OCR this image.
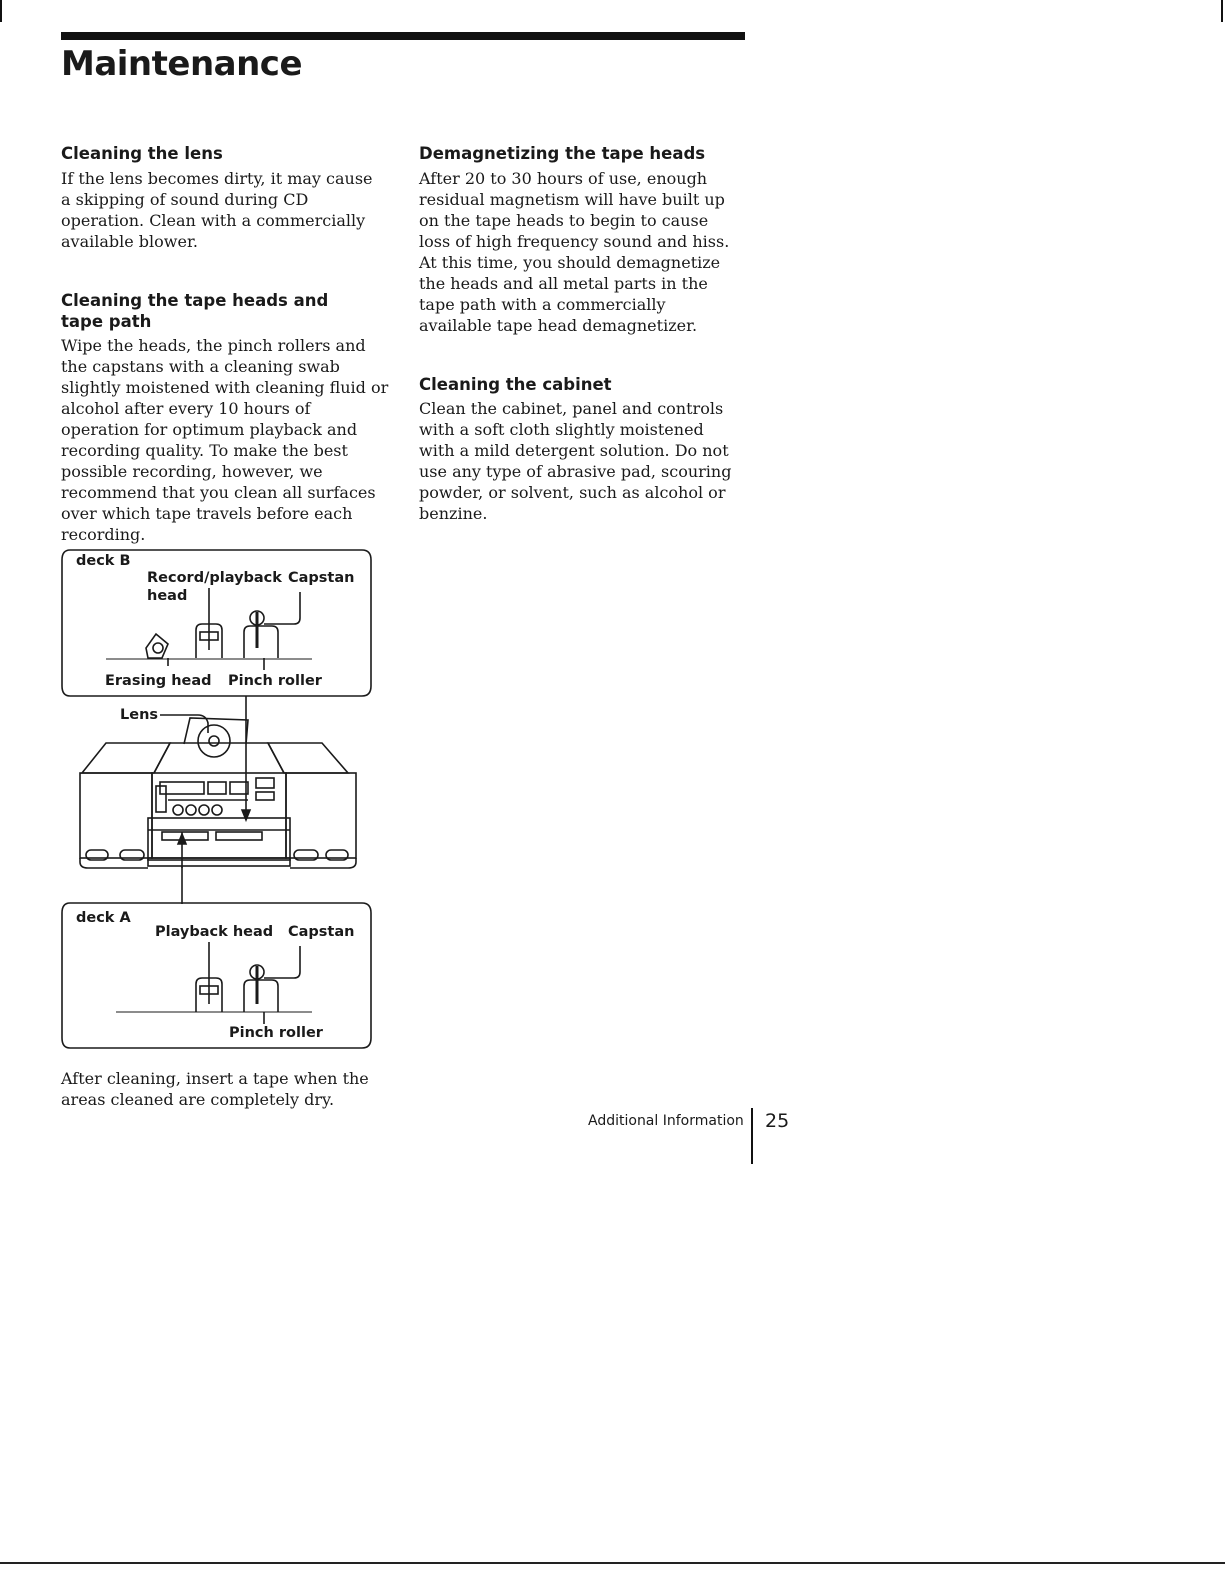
Maintenance
Cleaning the lens

If the lens becomes dirty, it may cause a skipping of sound during CD operation. Clean with a commercially available blower.

Cleaning the tape heads and tape path

Wipe the heads, the pinch rollers and the capstans with a cleaning swab slightly moistened with cleaning fluid or alcohol after every 10 hours of operation for optimum playback and recording quality. To make the best possible recording, however, we recommend that you clean all surfaces over which tape travels before each recording.

Demagnetizing the tape heads

After 20 to 30 hours of use, enough residual magnetism will have built up on the tape heads to begin to cause loss of high frequency sound and hiss. At this time, you should demagnetize the heads and all metal parts in the tape path with a commercially available tape head demagnetizer.

Cleaning the cabinet

Clean the cabinet, panel and controls with a soft cloth slightly moistened with a mild detergent solution. Do not use any type of abrasive pad, scouring powder, or solvent, such as alcohol or benzine.

deck B
Record/playback
head
Capstan
Erasing head Pinch roller
Lens
deck A
Playback head Capstan
Pinch roller

After cleaning, insert a tape when the areas cleaned are completely dry.

Additional Information 25
